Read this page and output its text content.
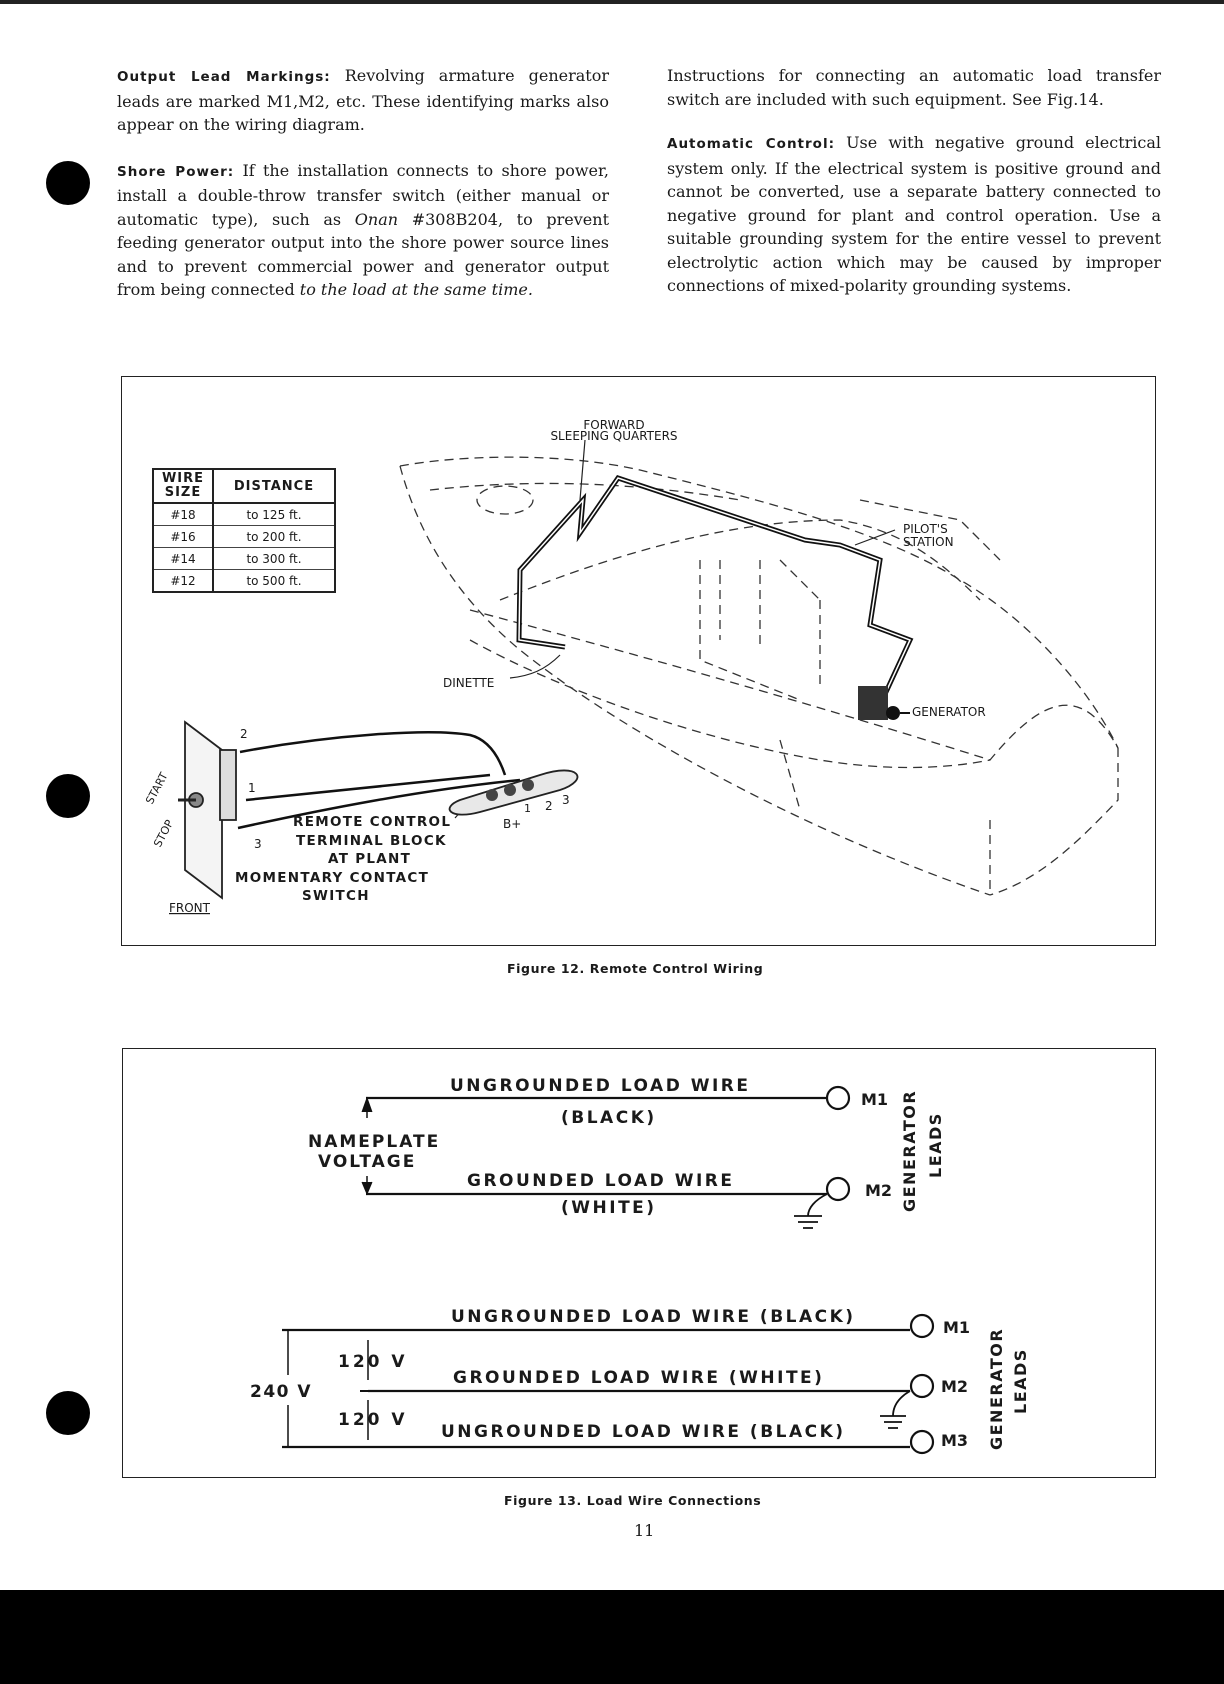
Output Lead Markings: Revolving armature generator leads are marked M1,M2, etc. These identifying marks also appear on the wiring diagram.

Shore Power: If the installation connects to shore power, install a double-throw transfer switch (either manual or automatic type), such as Onan #308B204, to prevent feeding generator output into the shore power source lines and to prevent commercial power and generator output from being connected to the load at the same time.

Instructions for connecting an automatic load transfer switch are included with such equipment. See Fig.14.

Automatic Control: Use with negative ground electrical system only. If the electrical system is positive ground and cannot be converted, use a separate battery connected to negative ground for plant and control operation. Use a suitable grounding system for the entire vessel to prevent electrolytic action which may be caused by improper connections of mixed-polarity grounding systems.

FORWARD
SLEEPING QUARTERS
PILOT'S
STATION
DINETTE
GENERATOR
2
1
3
1 2 3
B+
START
STOP
FRONT
REMOTE CONTROL
TERMINAL BLOCK
AT PLANT
MOMENTARY CONTACT
SWITCH
WIRE SIZE	DISTANCE
#18	to 125 ft.
#16	to 200 ft.
#14	to 300 ft.
#12	to 500 ft.
Figure 12. Remote Control Wiring
UNGROUNDED LOAD WIRE
(BLACK)
GROUNDED LOAD WIRE
(WHITE)
NAMEPLATE
VOLTAGE
M1
M2 GENERATOR LEADS
UNGROUNDED LOAD WIRE (BLACK)
GROUNDED LOAD WIRE (WHITE)
UNGROUNDED LOAD WIRE (BLACK)
240 V
120 V
120 V
M1
M2
M3 GENERATOR LEADS
Figure 13. Load Wire Connections
11
